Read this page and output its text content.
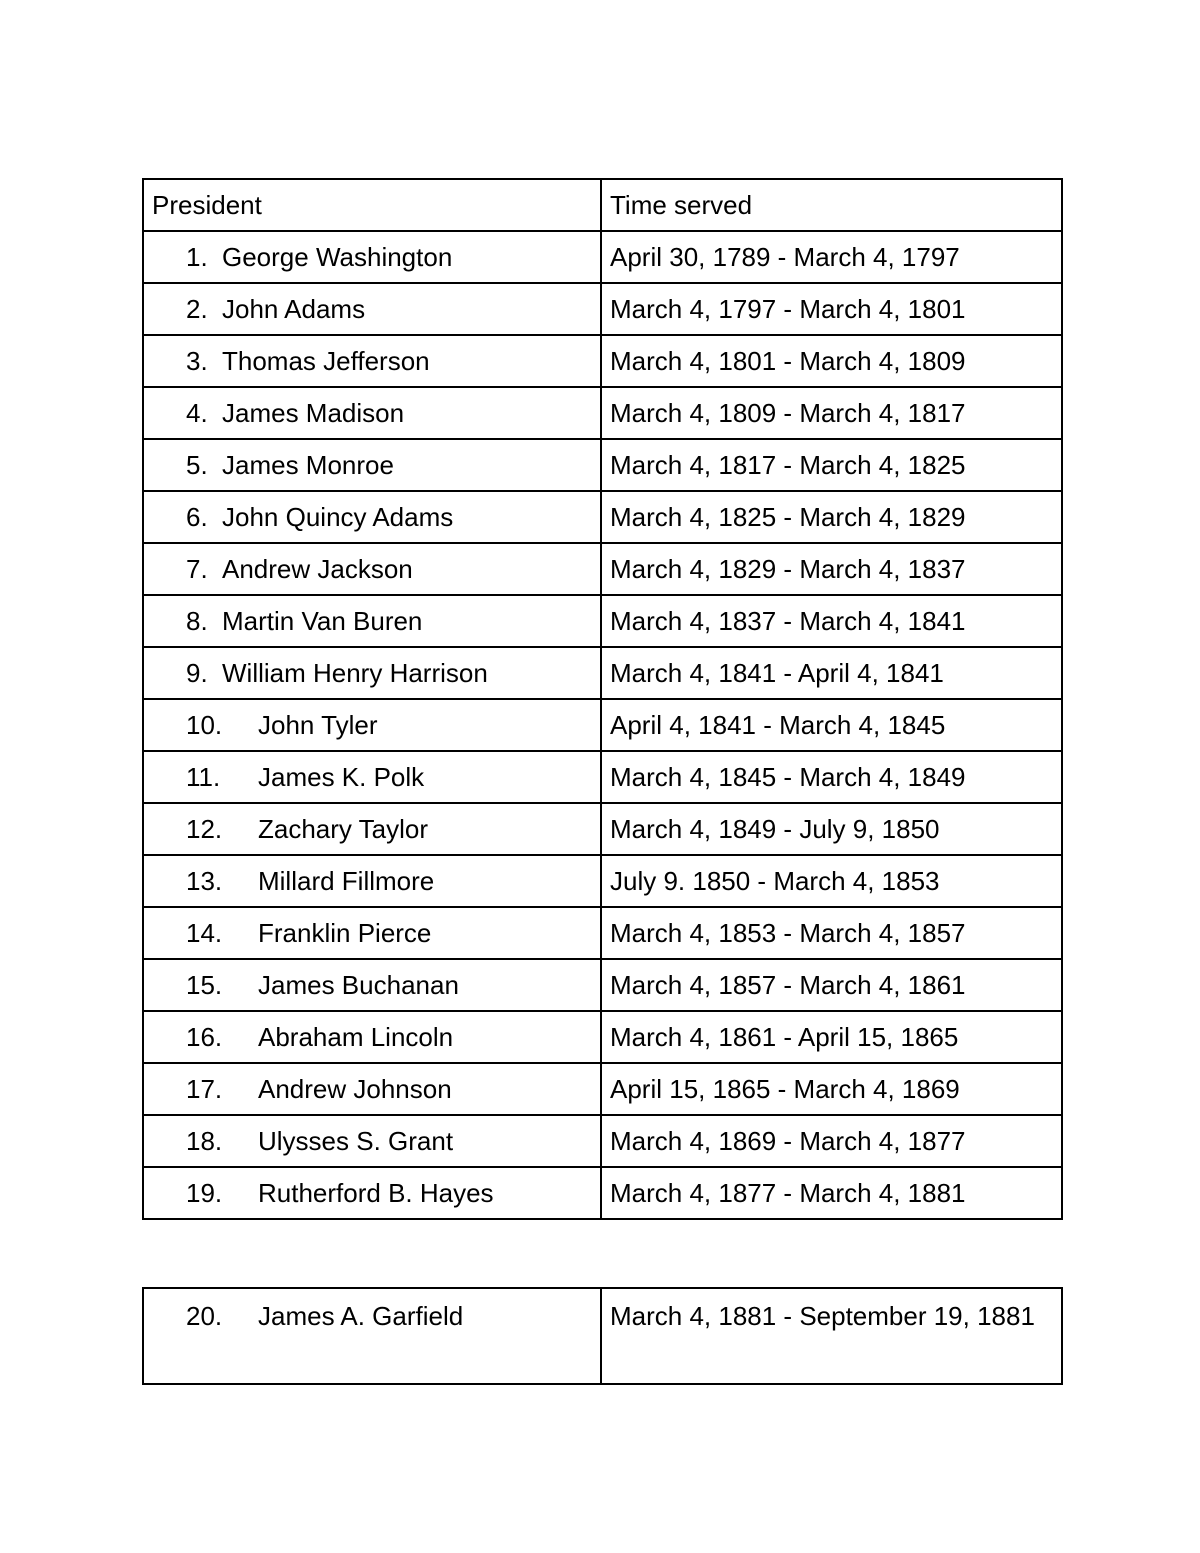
President	Time served
1. George Washington	April 30, 1789 - March 4, 1797
2. John Adams	March 4, 1797 - March 4, 1801
3. Thomas Jefferson	March 4, 1801 - March 4, 1809
4. James Madison	March 4, 1809 - March 4, 1817
5. James Monroe	March 4, 1817 - March 4, 1825
6. John Quincy Adams	March 4, 1825 - March 4, 1829
7. Andrew Jackson	March 4, 1829 - March 4, 1837
8. Martin Van Buren	March 4, 1837 - March 4, 1841
9. William Henry Harrison	March 4, 1841 - April 4, 1841
10. John Tyler	April 4, 1841 - March 4, 1845
11. James K. Polk	March 4, 1845 - March 4, 1849
12. Zachary Taylor	March 4, 1849 - July 9, 1850
13. Millard Fillmore	July 9. 1850 - March 4, 1853
14. Franklin Pierce	March 4, 1853 - March 4, 1857
15. James Buchanan	March 4, 1857 - March 4, 1861
16. Abraham Lincoln	March 4, 1861 - April 15, 1865
17. Andrew Johnson	April 15, 1865 - March 4, 1869
18. Ulysses S. Grant	March 4, 1869 - March 4, 1877
19. Rutherford B. Hayes	March 4, 1877 - March 4, 1881
20. James A. Garfield	March 4, 1881 - September 19, 1881
